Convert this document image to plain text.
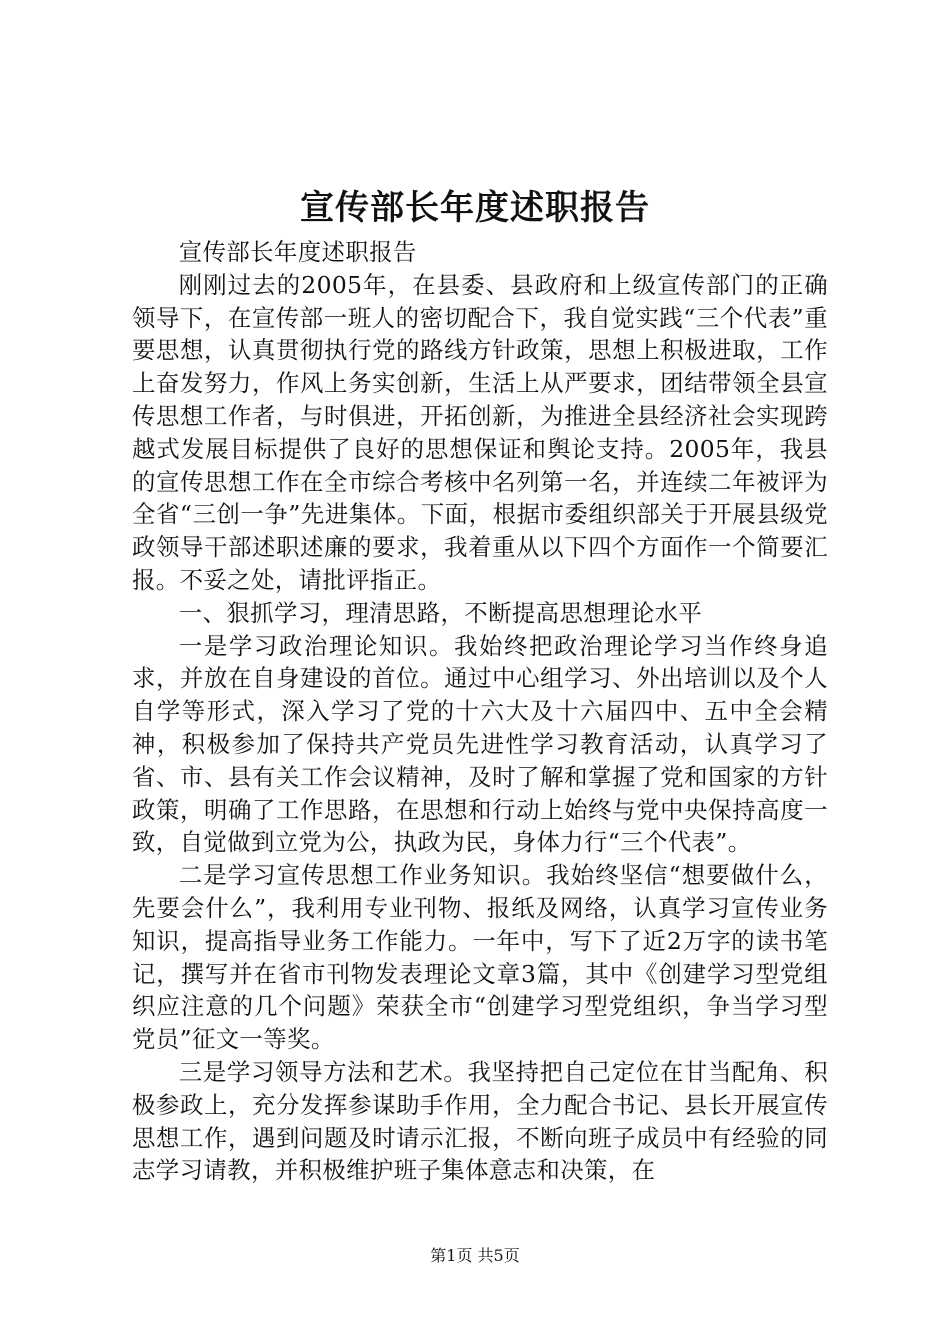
宣传部长年度述职报告

宣传部长年度述职报告

刚刚过去的2005年，在县委、县政府和上级宣传部门的正确领导下，在宣传部一班人的密切配合下，我自觉实践“三个代表”重要思想，认真贯彻执行党的路线方针政策，思想上积极进取，工作上奋发努力，作风上务实创新，生活上从严要求，团结带领全县宣传思想工作者，与时俱进，开拓创新，为推进全县经济社会实现跨越式发展目标提供了良好的思想保证和舆论支持。2005年，我县的宣传思想工作在全市综合考核中名列第一名，并连续二年被评为全省“三创一争”先进集体。下面，根据市委组织部关于开展县级党政领导干部述职述廉的要求，我着重从以下四个方面作一个简要汇报。不妥之处，请批评指正。

一、狠抓学习，理清思路，不断提高思想理论水平

一是学习政治理论知识。我始终把政治理论学习当作终身追求，并放在自身建设的首位。通过中心组学习、外出培训以及个人自学等形式，深入学习了党的十六大及十六届四中、五中全会精神，积极参加了保持共产党员先进性学习教育活动，认真学习了省、市、县有关工作会议精神，及时了解和掌握了党和国家的方针政策，明确了工作思路，在思想和行动上始终与党中央保持高度一致，自觉做到立党为公，执政为民，身体力行“三个代表”。

二是学习宣传思想工作业务知识。我始终坚信“想要做什么，先要会什么”，我利用专业刊物、报纸及网络，认真学习宣传业务知识，提高指导业务工作能力。一年中，写下了近2万字的读书笔记，撰写并在省市刊物发表理论文章3篇，其中《创建学习型党组织应注意的几个问题》荣获全市“创建学习型党组织，争当学习型党员”征文一等奖。

三是学习领导方法和艺术。我坚持把自己定位在甘当配角、积极参政上，充分发挥参谋助手作用，全力配合书记、县长开展宣传思想工作，遇到问题及时请示汇报，不断向班子成员中有经验的同志学习请教，并积极维护班子集体意志和决策，在

第1页 共5页
